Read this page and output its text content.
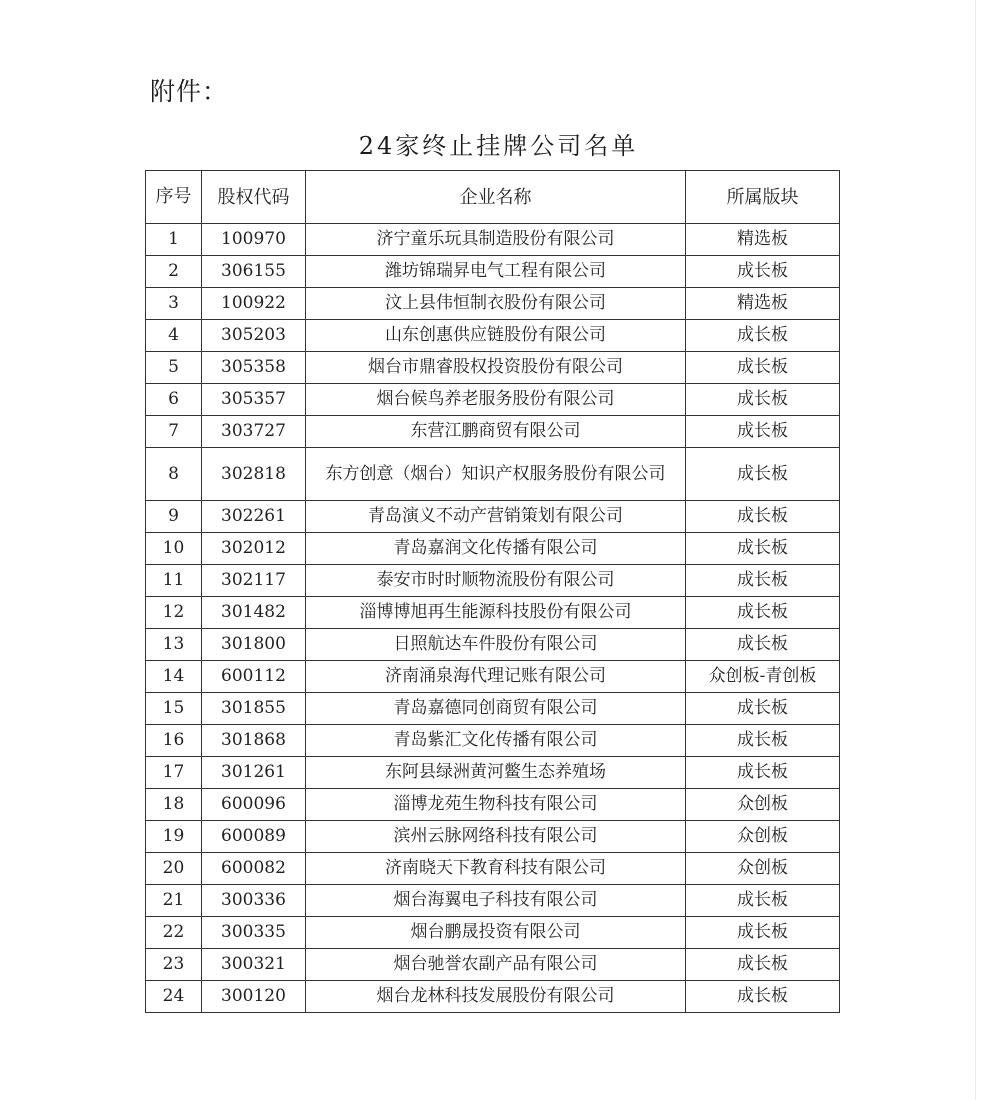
附件：
24家终止挂牌公司名单
序号	股权代码	企业名称	所属版块
1	100970	济宁童乐玩具制造股份有限公司	精选板
2	306155	潍坊锦瑞昇电气工程有限公司	成长板
3	100922	汶上县伟恒制衣股份有限公司	精选板
4	305203	山东创惠供应链股份有限公司	成长板
5	305358	烟台市鼎睿股权投资股份有限公司	成长板
6	305357	烟台候鸟养老服务股份有限公司	成长板
7	303727	东营江鹏商贸有限公司	成长板
8	302818	东方创意（烟台）知识产权服务股份有限公司	成长板
9	302261	青岛演义不动产营销策划有限公司	成长板
10	302012	青岛嘉润文化传播有限公司	成长板
11	302117	泰安市时时顺物流股份有限公司	成长板
12	301482	淄博博旭再生能源科技股份有限公司	成长板
13	301800	日照航达车件股份有限公司	成长板
14	600112	济南涌泉海代理记账有限公司	众创板-青创板
15	301855	青岛嘉德同创商贸有限公司	成长板
16	301868	青岛紫汇文化传播有限公司	成长板
17	301261	东阿县绿洲黄河鳖生态养殖场	成长板
18	600096	淄博龙苑生物科技有限公司	众创板
19	600089	滨州云脉网络科技有限公司	众创板
20	600082	济南晓天下教育科技有限公司	众创板
21	300336	烟台海翼电子科技有限公司	成长板
22	300335	烟台鹏晟投资有限公司	成长板
23	300321	烟台驰誉农副产品有限公司	成长板
24	300120	烟台龙林科技发展股份有限公司	成长板
